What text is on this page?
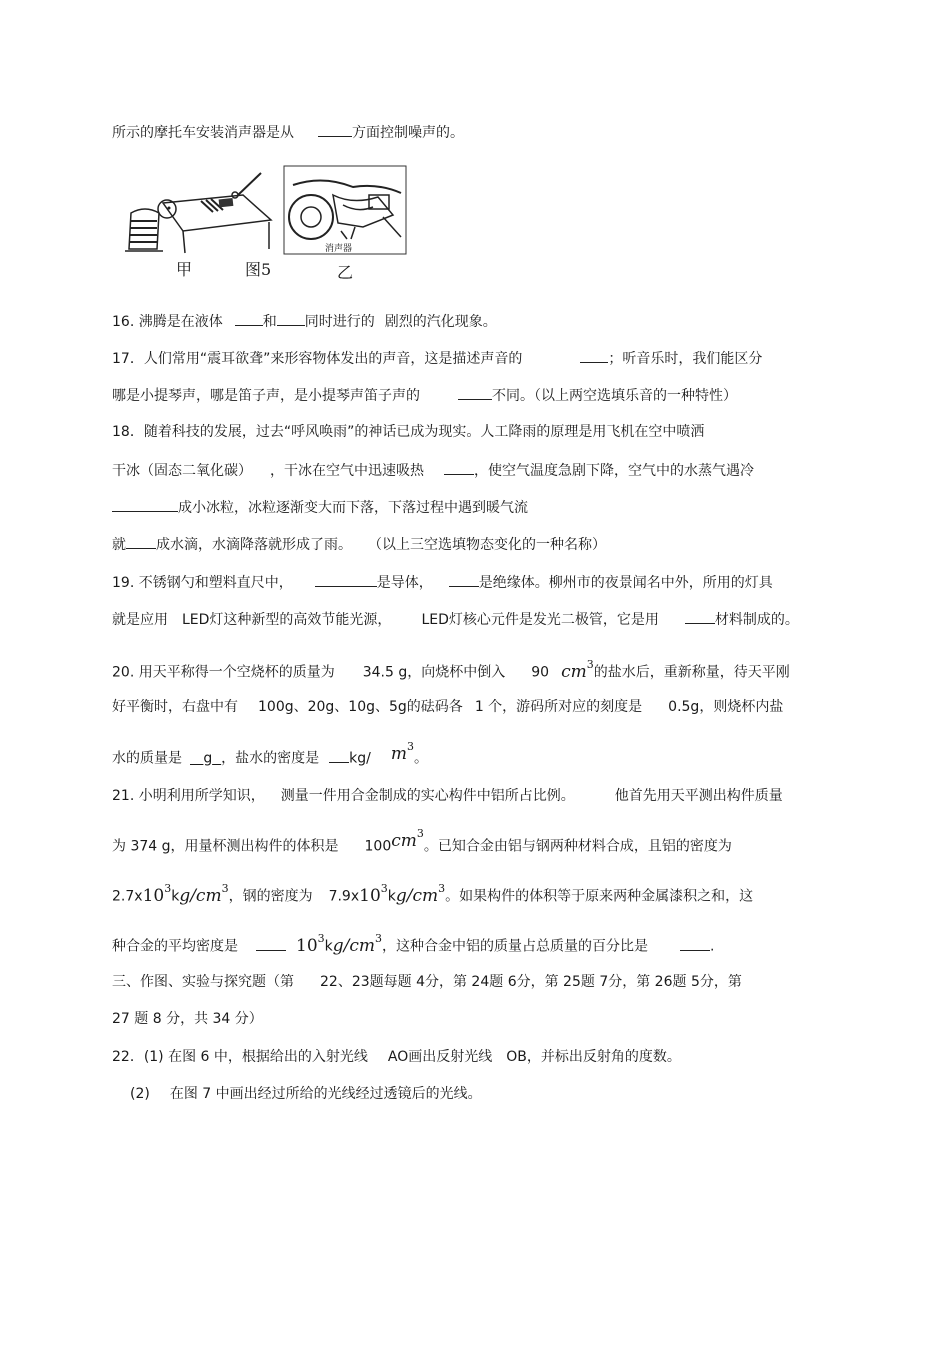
所示的摩托车安装消声器是从	方面控制噪声的。
消声器
甲	图5	乙
16. 沸腾是在液体	和 同时进行的 剧烈的汽化现象。
17．人们常用“震耳欲聋”来形容物体发出的声音，这是描述声音的	；听音乐时，我们能区分
哪是小提琴声，哪是笛子声，是小提琴声笛子声的	不同。（以上两空选填乐音的一种特性）
18．随着科技的发展，过去“呼风唤雨”的神话已成为现实。人工降雨的原理是用飞机在空中喷洒
干冰（固态二氧化碳） ，干冰在空气中迅速吸热	，使空气温度急剧下降，空气中的水蒸气遇冷
成小冰粒，冰粒逐渐变大而下落，下落过程中遇到暖气流
就 成水滴，水滴降落就形成了雨。 （以上三空选填物态变化的一种名称）
19. 不锈钢勺和塑料直尺中，	是导体，	是绝缘体。柳州市的夜景闻名中外，所用的灯具
就是应用 LED灯这种新型的高效节能光源， LED灯核心元件是发光二极管，它是用	材料制成的。
20. 用天平称得一个空烧杯的质量为 34.5 g，向烧杯中倒入 90 $cm^3$的盐水后，重新称量，待天平刚
好平衡时，右盘中有 100g、20g、10g、5g的砝码各 1 个，游码所对应的刻度是 0.5g，则烧杯内盐
水的质量是 g ，盐水的密度是 kg/ $m^3$。
21. 小明利用所学知识， 测量一件用合金制成的实心构件中铝所占比例。	他首先用天平测出构件质量
为 374 g，用量杯测出构件的体积是 $100cm^3$。已知合金由铝与钢两种材料合成，且铝的密度为
$2.7x10^3kg/cm^3$，钢的密度为 $7.9x10^3kg/cm^3$。如果构件的体积等于原来两种金属漆积之和，这
种合金的平均密度是	$10^3kg/cm^3$，这种合金中铝的质量占总质量的百分比是	.
三、作图、实验与探究题（第 22、23题每题 4分，第 24题 6分，第 25题 7分，第 26题 5分，第
27 题 8 分，共 34 分）
22．(1) 在图 6 中，根据给出的入射光线 AO画出反射光线 OB，并标出反射角的度数。
(2) 在图 7 中画出经过所给的光线经过透镜后的光线。
